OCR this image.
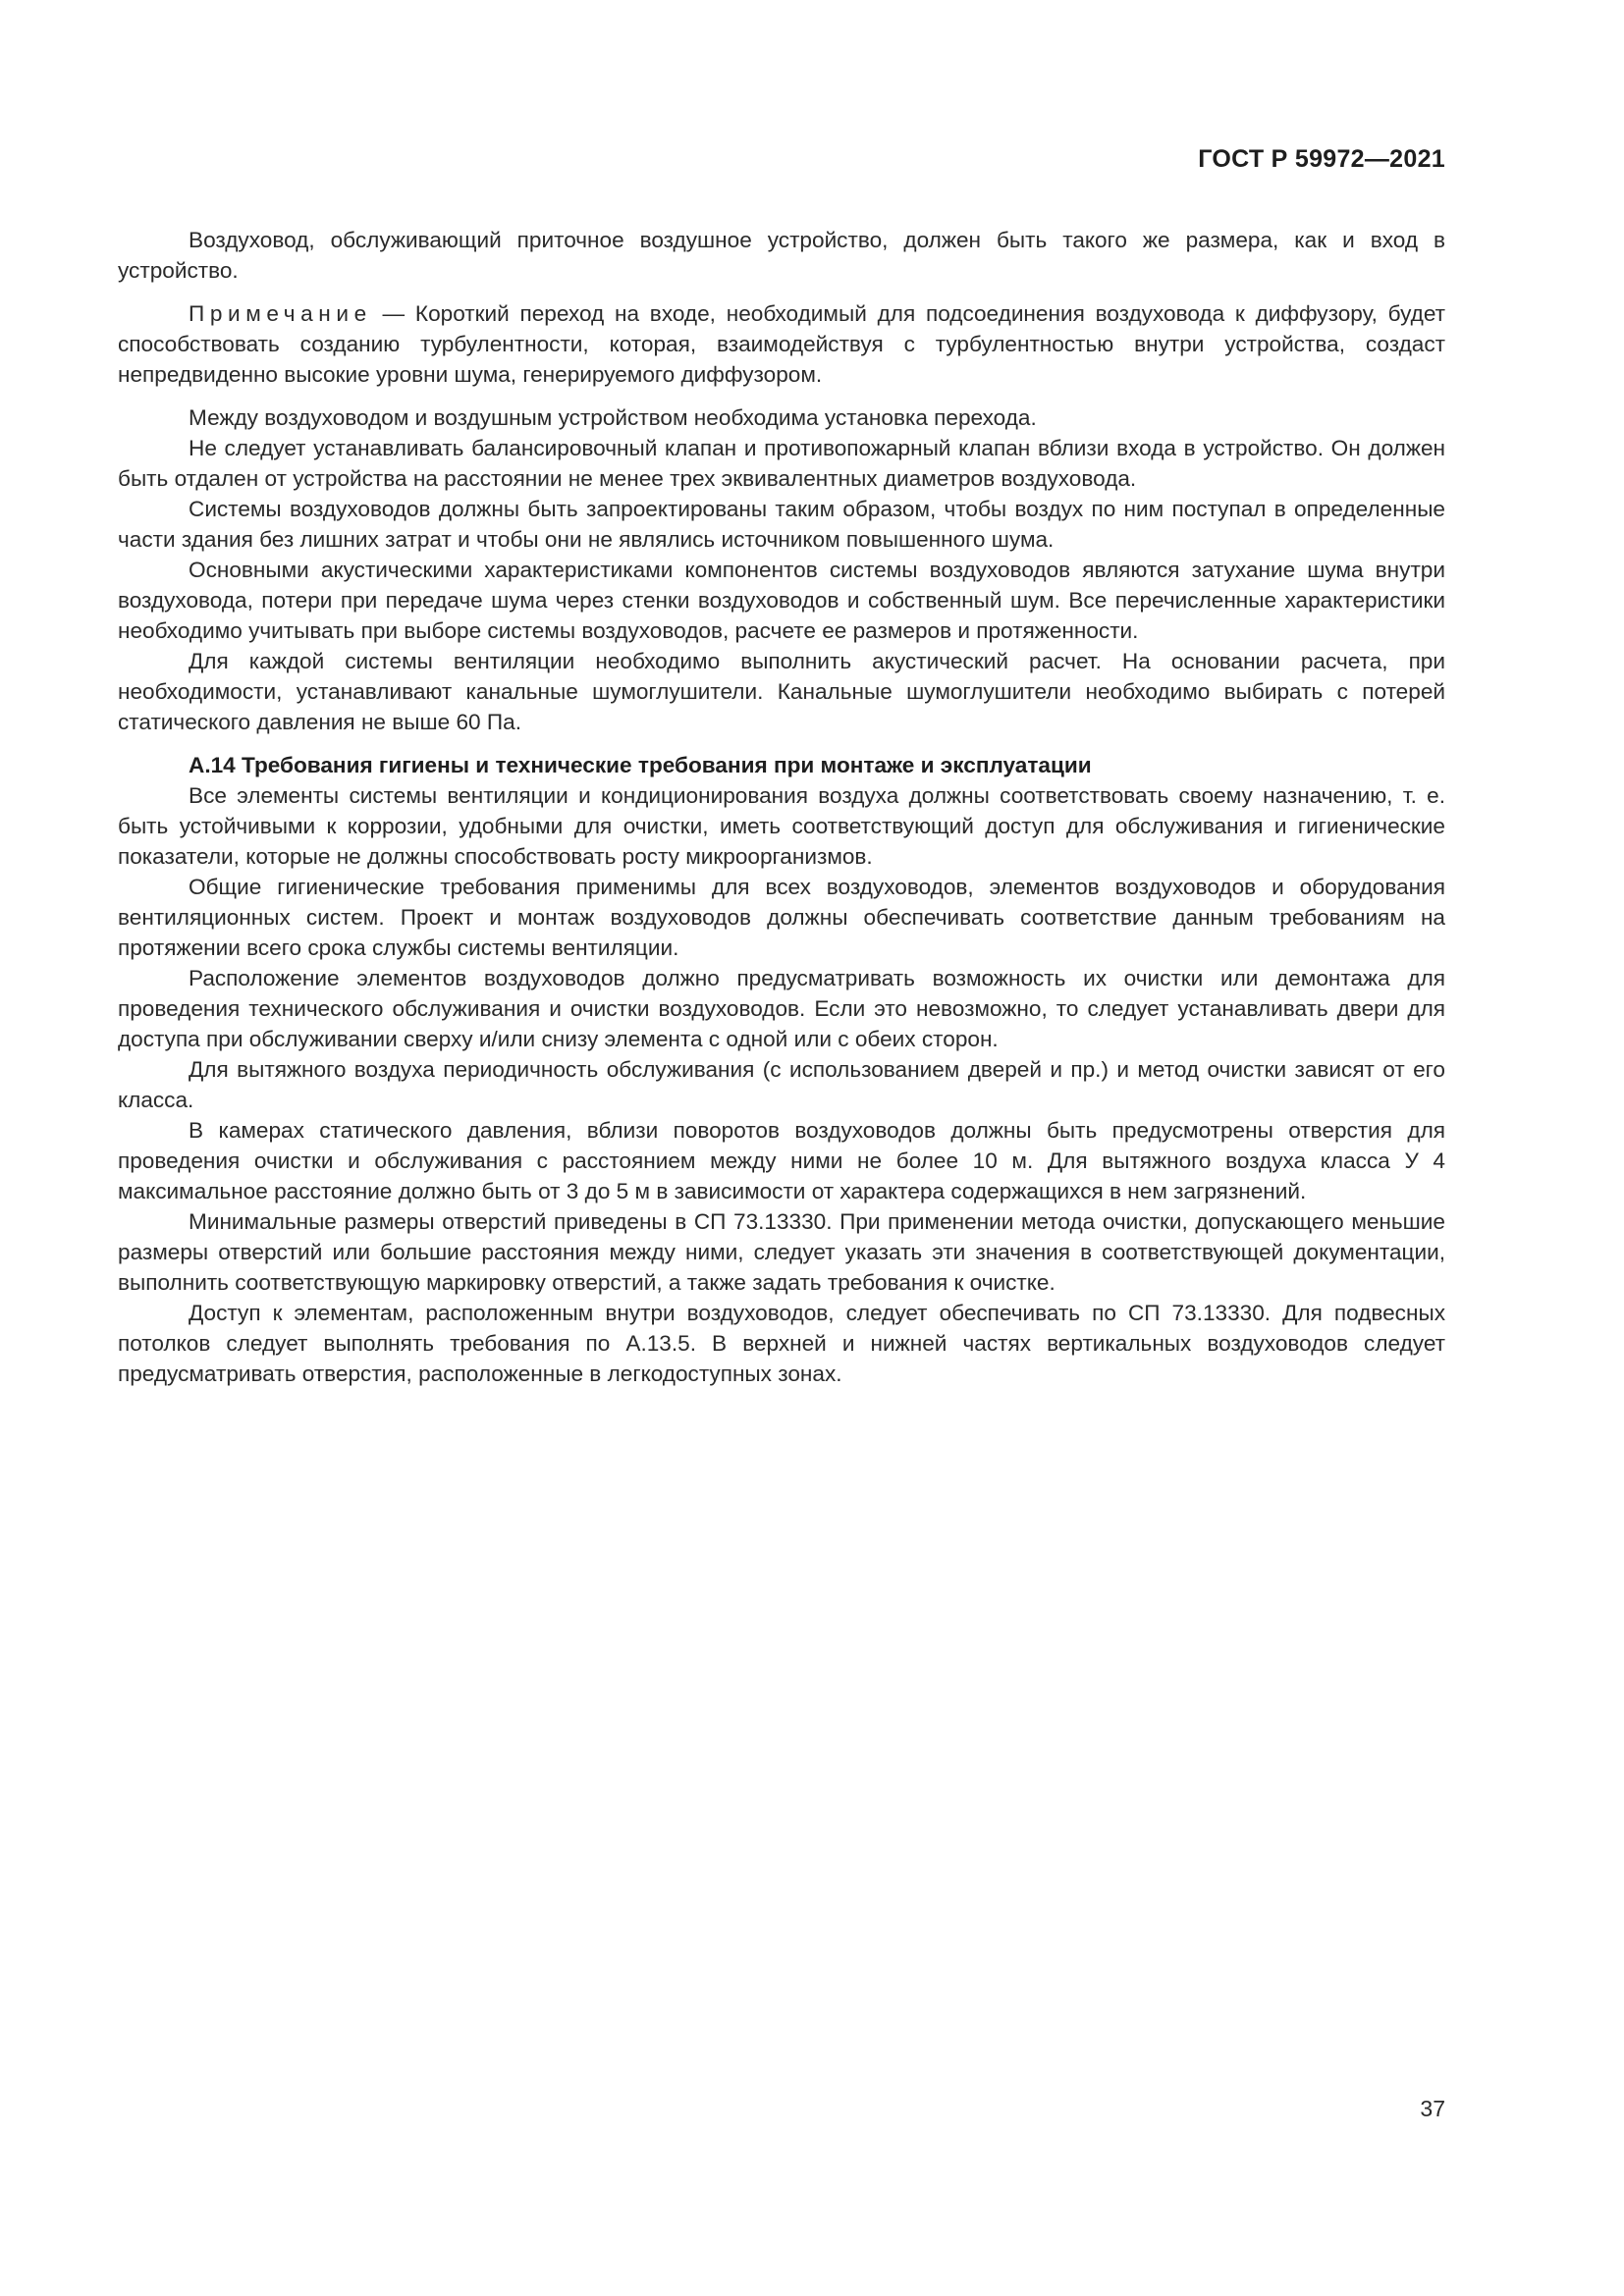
ГОСТ Р 59972—2021

Воздуховод, обслуживающий приточное воздушное устройство, должен быть такого же размера, как и вход в устройство.

Примечание — Короткий переход на входе, необходимый для подсоединения воздуховода к диффузору, будет способствовать созданию турбулентности, которая, взаимодействуя с турбулентностью внутри устройства, создаст непредвиденно высокие уровни шума, генерируемого диффузором.

Между воздуховодом и воздушным устройством необходима установка перехода.

Не следует устанавливать балансировочный клапан и противопожарный клапан вблизи входа в устройство. Он должен быть отдален от устройства на расстоянии не менее трех эквивалентных диаметров воздуховода.

Системы воздуховодов должны быть запроектированы таким образом, чтобы воздух по ним поступал в определенные части здания без лишних затрат и чтобы они не являлись источником повышенного шума.

Основными акустическими характеристиками компонентов системы воздуховодов являются затухание шума внутри воздуховода, потери при передаче шума через стенки воздуховодов и собственный шум. Все перечисленные характеристики необходимо учитывать при выборе системы воздуховодов, расчете ее размеров и протяженности.

Для каждой системы вентиляции необходимо выполнить акустический расчет. На основании расчета, при необходимости, устанавливают канальные шумоглушители. Канальные шумоглушители необходимо выбирать с потерей статического давления не выше 60 Па.

А.14 Требования гигиены и технические требования при монтаже и эксплуатации

Все элементы системы вентиляции и кондиционирования воздуха должны соответствовать своему назначению, т. е. быть устойчивыми к коррозии, удобными для очистки, иметь соответствующий доступ для обслуживания и гигиенические показатели, которые не должны способствовать росту микроорганизмов.

Общие гигиенические требования применимы для всех воздуховодов, элементов воздуховодов и оборудования вентиляционных систем. Проект и монтаж воздуховодов должны обеспечивать соответствие данным требованиям на протяжении всего срока службы системы вентиляции.

Расположение элементов воздуховодов должно предусматривать возможность их очистки или демонтажа для проведения технического обслуживания и очистки воздуховодов. Если это невозможно, то следует устанавливать двери для доступа при обслуживании сверху и/или снизу элемента с одной или с обеих сторон.

Для вытяжного воздуха периодичность обслуживания (с использованием дверей и пр.) и метод очистки зависят от его класса.

В камерах статического давления, вблизи поворотов воздуховодов должны быть предусмотрены отверстия для проведения очистки и обслуживания с расстоянием между ними не более 10 м. Для вытяжного воздуха класса У 4 максимальное расстояние должно быть от 3 до 5 м в зависимости от характера содержащихся в нем загрязнений.

Минимальные размеры отверстий приведены в СП 73.13330. При применении метода очистки, допускающего меньшие размеры отверстий или большие расстояния между ними, следует указать эти значения в соответствующей документации, выполнить соответствующую маркировку отверстий, а также задать требования к очистке.

Доступ к элементам, расположенным внутри воздуховодов, следует обеспечивать по СП 73.13330. Для подвесных потолков следует выполнять требования по А.13.5. В верхней и нижней частях вертикальных воздуховодов следует предусматривать отверстия, расположенные в легкодоступных зонах.

37
